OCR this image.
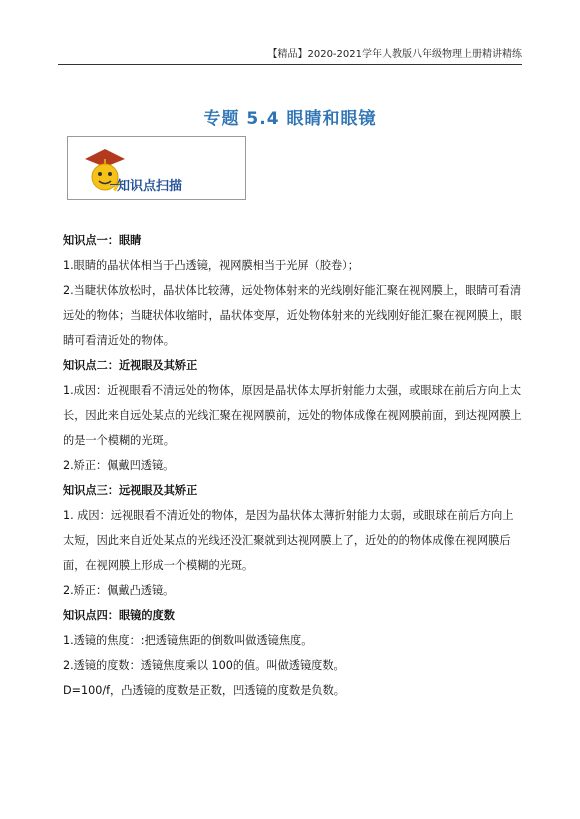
【精品】2020-2021学年人教版八年级物理上册精讲精练
专题 5.4 眼睛和眼镜
知识点扫描

知识点一：眼睛

1.眼睛的晶状体相当于凸透镜，视网膜相当于光屏（胶卷）；

2.当睫状体放松时，晶状体比较薄，远处物体射来的光线刚好能汇聚在视网膜上，眼睛可看清远处的物体；当睫状体收缩时，晶状体变厚，近处物体射来的光线刚好能汇聚在视网膜上，眼睛可看清近处的物体。

知识点二：近视眼及其矫正

1.成因：近视眼看不清远处的物体，原因是晶状体太厚折射能力太强，或眼球在前后方向上太长，因此来自远处某点的光线汇聚在视网膜前，远处的物体成像在视网膜前面，到达视网膜上的是一个模糊的光斑。

2.矫正：佩戴凹透镜。

知识点三：远视眼及其矫正

1. 成因：远视眼看不清近处的物体，是因为晶状体太薄折射能力太弱，或眼球在前后方向上太短，因此来自近处某点的光线还没汇聚就到达视网膜上了，近处的的物体成像在视网膜后面，在视网膜上形成一个模糊的光斑。

2.矫正：佩戴凸透镜。

知识点四：眼镜的度数

1.透镜的焦度：:把透镜焦距的倒数叫做透镜焦度。

2.透镜的度数：透镜焦度乘以 100的值。叫做透镜度数。

D=100/f，凸透镜的度数是正数，凹透镜的度数是负数。
